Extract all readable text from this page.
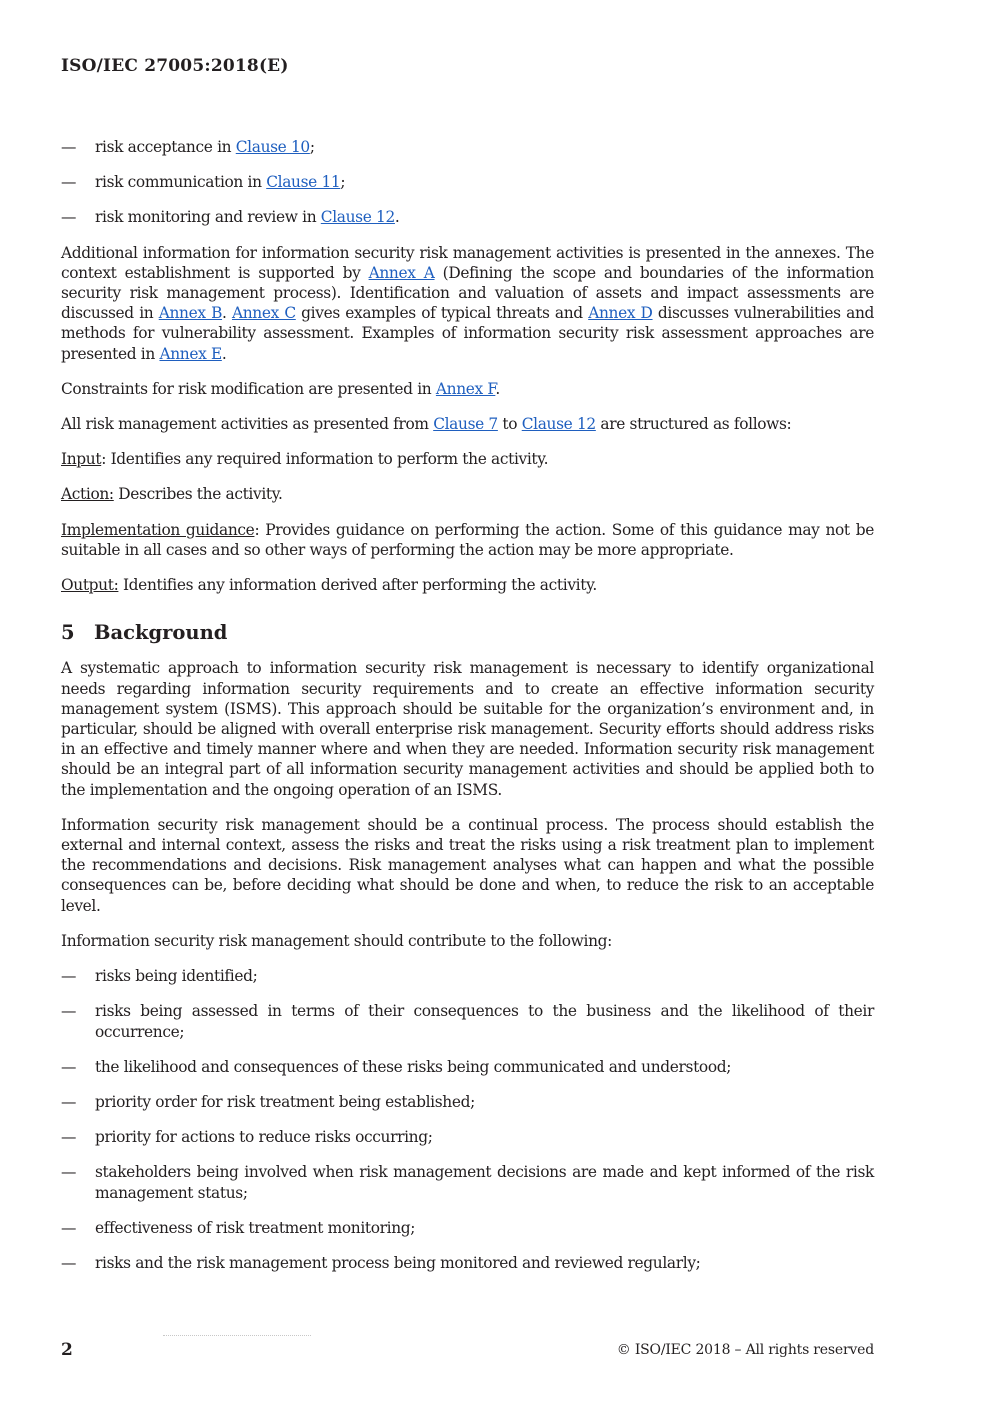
ISO/IEC 27005:2018(E)
— risk acceptance in Clause 10;
— risk communication in Clause 11;
— risk monitoring and review in Clause 12.

Additional information for information security risk management activities is presented in the annexes. The context establishment is supported by Annex A (Defining the scope and boundaries of the information security risk management process). Identification and valuation of assets and impact assessments are discussed in Annex B. Annex C gives examples of typical threats and Annex D discusses vulnerabilities and methods for vulnerability assessment. Examples of information security risk assessment approaches are presented in Annex E.

Constraints for risk modification are presented in Annex F.

All risk management activities as presented from Clause 7 to Clause 12 are structured as follows:

Input: Identifies any required information to perform the activity.

Action: Describes the activity.

Implementation guidance: Provides guidance on performing the action. Some of this guidance may not be suitable in all cases and so other ways of performing the action may be more appropriate.

Output: Identifies any information derived after performing the activity.

5 Background

A systematic approach to information security risk management is necessary to identify organizational needs regarding information security requirements and to create an effective information security management system (ISMS). This approach should be suitable for the organization’s environment and, in particular, should be aligned with overall enterprise risk management. Security efforts should address risks in an effective and timely manner where and when they are needed. Information security risk management should be an integral part of all information security management activities and should be applied both to the implementation and the ongoing operation of an ISMS.

Information security risk management should be a continual process. The process should establish the external and internal context, assess the risks and treat the risks using a risk treatment plan to implement the recommendations and decisions. Risk management analyses what can happen and what the possible consequences can be, before deciding what should be done and when, to reduce the risk to an acceptable level.

Information security risk management should contribute to the following:

— risks being identified;
— risks being assessed in terms of their consequences to the business and the likelihood of their occurrence;
— the likelihood and consequences of these risks being communicated and understood;
— priority order for risk treatment being established;
— priority for actions to reduce risks occurring;
— stakeholders being involved when risk management decisions are made and kept informed of the risk management status;
— effectiveness of risk treatment monitoring;
— risks and the risk management process being monitored and reviewed regularly;
2	© ISO/IEC 2018 – All rights reserved
